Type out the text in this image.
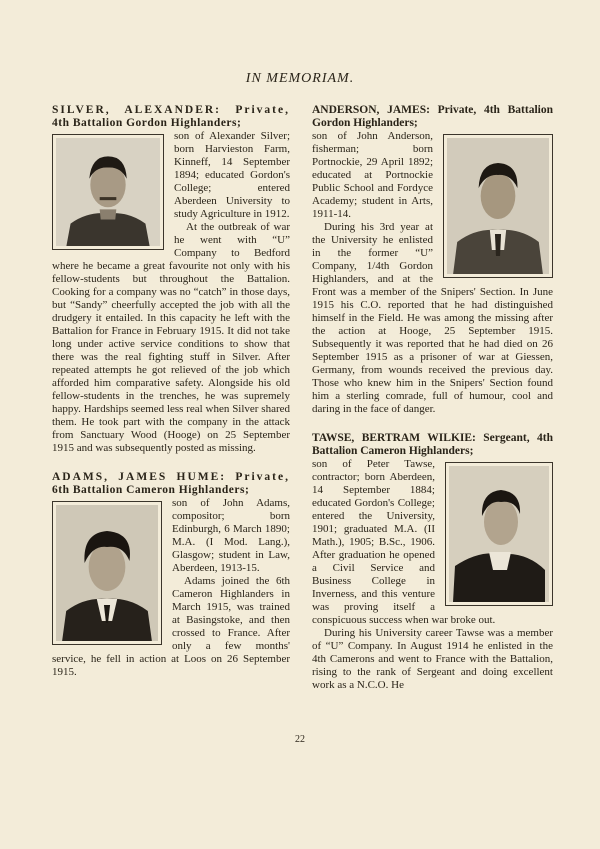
IN MEMORIAM.
SILVER, ALEXANDER: Private, 4th Battalion Gordon Highlanders;

son of Alexander Silver; born Harvieston Farm, Kinneff, 14 September 1894; educated Gordon's College; entered Aberdeen University to study Agriculture in 1912.

At the outbreak of war he went with “U” Company to Bedford where he became a great favourite not only with his fellow-students but throughout the Battalion. Cooking for a company was no “catch” in those days, but “Sandy” cheerfully accepted the job with all the drudgery it entailed. In this capacity he left with the Battalion for France in February 1915. It did not take long under active service conditions to show that there was the real fighting stuff in Silver. After repeated attempts he got relieved of the job which afforded him comparative safety. Alongside his old fellow-students in the trenches, he was supremely happy. Hardships seemed less real when Silver shared them. He took part with the company in the attack from Sanctuary Wood (Hooge) on 25 September 1915 and was subsequently posted as missing.

ADAMS, JAMES HUME: Private, 6th Battalion Cameron Highlanders;

son of John Adams, compositor; born Edinburgh, 6 March 1890; M.A. (I Mod. Lang.), Glasgow; student in Law, Aberdeen, 1913-15.

Adams joined the 6th Cameron Highlanders in March 1915, was trained at Basingstoke, and then crossed to France. After only a few months' service, he fell in action at Loos on 26 September 1915.

ANDERSON, JAMES: Private, 4th Battalion Gordon Highlanders;

son of John Anderson, fisherman; born Portnockie, 29 April 1892; educated at Portnockie Public School and Fordyce Academy; student in Arts, 1911-14.

During his 3rd year at the University he enlisted in the former “U” Company, 1/4th Gordon Highlanders, and at the Front was a member of the Snipers' Section. In June 1915 his C.O. reported that he had distinguished himself in the Field. He was among the missing after the action at Hooge, 25 September 1915. Subsequently it was reported that he had died on 26 September 1915 as a prisoner of war at Giessen, Germany, from wounds received the previous day. Those who knew him in the Snipers' Section found him a sterling comrade, full of humour, cool and daring in the face of danger.

TAWSE, BERTRAM WILKIE: Sergeant, 4th Battalion Cameron Highlanders;

son of Peter Tawse, contractor; born Aberdeen, 14 September 1884; educated Gordon's College; entered the University, 1901; graduated M.A. (II Math.), 1905; B.Sc., 1906. After graduation he opened a Civil Service and Business College in Inverness, and this venture was proving itself a conspicuous success when war broke out.

During his University career Tawse was a member of “U” Company. In August 1914 he enlisted in the 4th Camerons and went to France with the Battalion, rising to the rank of Sergeant and doing excellent work as a N.C.O. He

22
